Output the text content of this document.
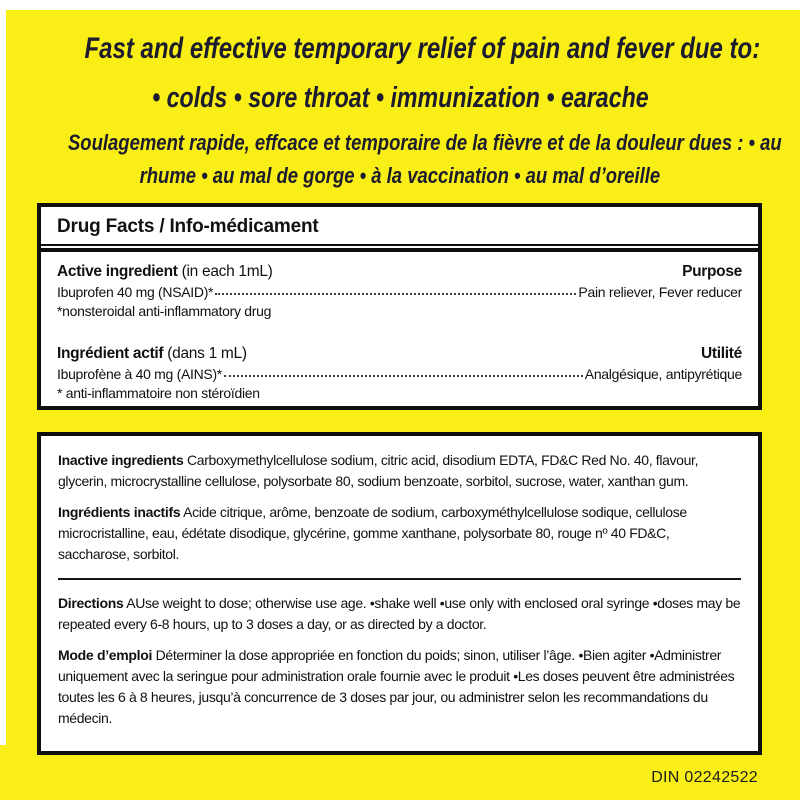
Fast and effective temporary relief of pain and fever due to:
• colds • sore throat • immunization • earache
Soulagement rapide, effcace et temporaire de la fièvre et de la douleur dues : • au
rhume • au mal de gorge • à la vaccination • au mal d’oreille
Drug Facts / Info-médicament
Active ingredient (in each 1mL)	Purpose
Ibuprofen 40 mg (NSAID)*	Pain reliever, Fever reducer
*nonsteroidal anti-inflammatory drug
Ingrédient actif (dans 1 mL)	Utilité
Ibuprofène à 40 mg (AINS)*	Analgésique, antipyrétique
* anti-inflammatoire non stéroïdien

Inactive ingredients Carboxymethylcellulose sodium, citric acid, disodium EDTA, FD&C Red No. 40, flavour, glycerin, microcrystalline cellulose, polysorbate 80, sodium benzoate, sorbitol, sucrose, water, xanthan gum.

Ingrédients inactifs Acide citrique, arôme, benzoate de sodium, carboxyméthylcellulose sodique, cellulose microcristalline, eau, édétate disodique, glycérine, gomme xanthane, polysorbate 80, rouge nº 40 FD&C, saccharose, sorbitol.

Directions AUse weight to dose; otherwise use age. •shake well •use only with enclosed oral syringe •doses may be repeated every 6-8 hours, up to 3 doses a day, or as directed by a doctor.

Mode d’emploi Déterminer la dose appropriée en fonction du poids; sinon, utiliser l’âge. •Bien agiter •Administrer uniquement avec la seringue pour administration orale fournie avec le produit •Les doses peuvent être administrées toutes les 6 à 8 heures, jusqu’à concurrence de 3 doses par jour, ou administrer selon les recommandations du médecin.

DIN 02242522
